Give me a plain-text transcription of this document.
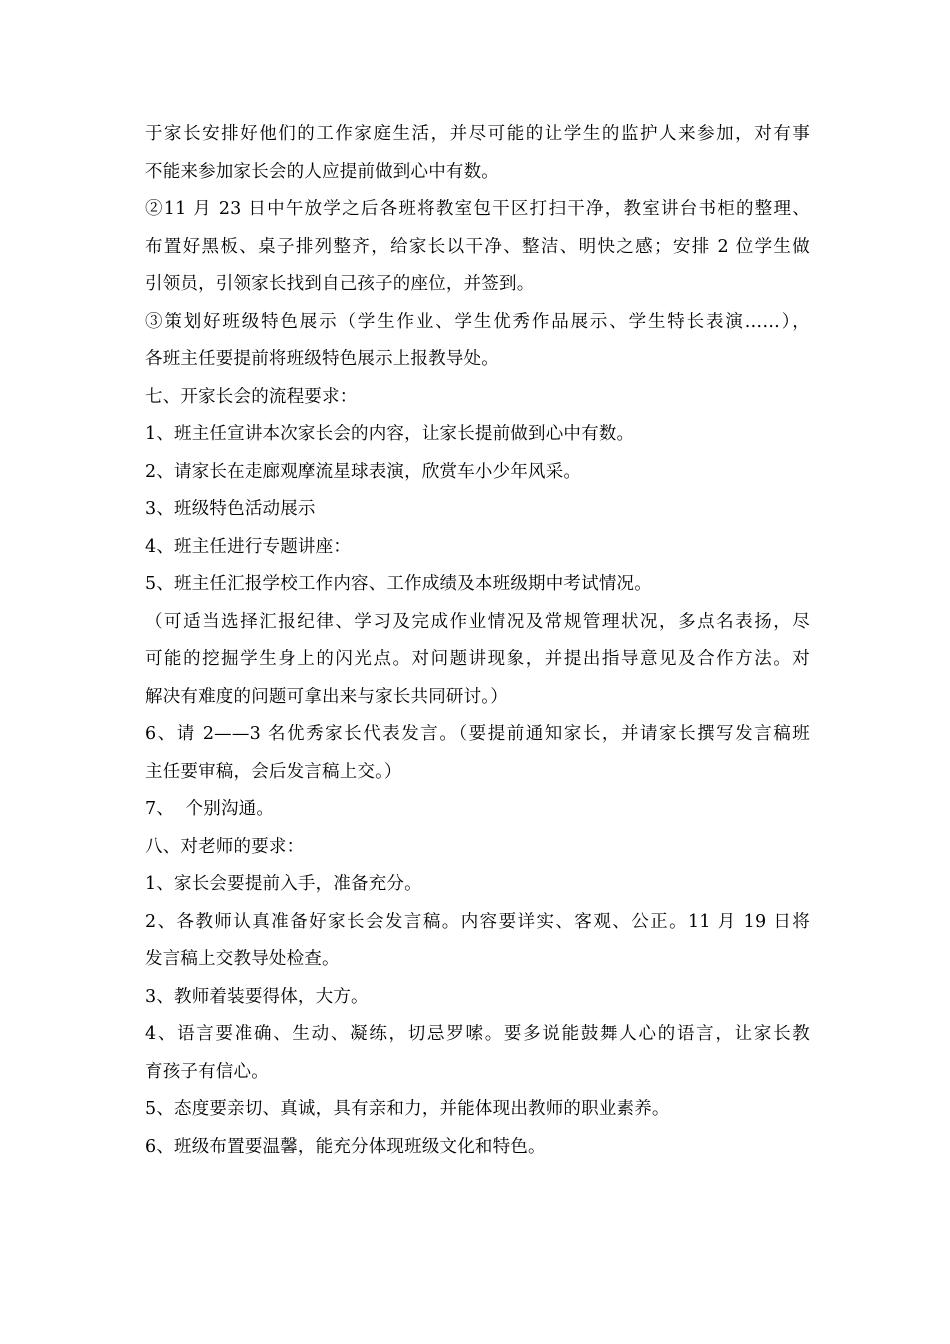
于家长安排好他们的工作家庭生活，并尽可能的让学生的监护人来参加，对有事
不能来参加家长会的人应提前做到心中有数。
②11 月 23 日中午放学之后各班将教室包干区打扫干净，教室讲台书柜的整理、
布置好黑板、桌子排列整齐，给家长以干净、整洁、明快之感；安排 2 位学生做
引领员，引领家长找到自己孩子的座位，并签到。
③策划好班级特色展示（学生作业、学生优秀作品展示、学生特长表演……），
各班主任要提前将班级特色展示上报教导处。
七、开家长会的流程要求：
1、班主任宣讲本次家长会的内容，让家长提前做到心中有数。
2、请家长在走廊观摩流星球表演，欣赏车小少年风采。
3、班级特色活动展示
4、班主任进行专题讲座：
5、班主任汇报学校工作内容、工作成绩及本班级期中考试情况。
（可适当选择汇报纪律、学习及完成作业情况及常规管理状况，多点名表扬，尽
可能的挖掘学生身上的闪光点。对问题讲现象，并提出指导意见及合作方法。对
解决有难度的问题可拿出来与家长共同研讨。）
6、请 2——3 名优秀家长代表发言。（要提前通知家长，并请家长撰写发言稿班
主任要审稿，会后发言稿上交。）
7、  个别沟通。
八、对老师的要求：
1、家长会要提前入手，准备充分。
2、各教师认真准备好家长会发言稿。内容要详实、客观、公正。11 月 19 日将
发言稿上交教导处检查。
3、教师着装要得体，大方。
4、语言要准确、生动、凝练，切忌罗嗦。要多说能鼓舞人心的语言，让家长教
育孩子有信心。
5、态度要亲切、真诚，具有亲和力，并能体现出教师的职业素养。
6、班级布置要温馨，能充分体现班级文化和特色。
